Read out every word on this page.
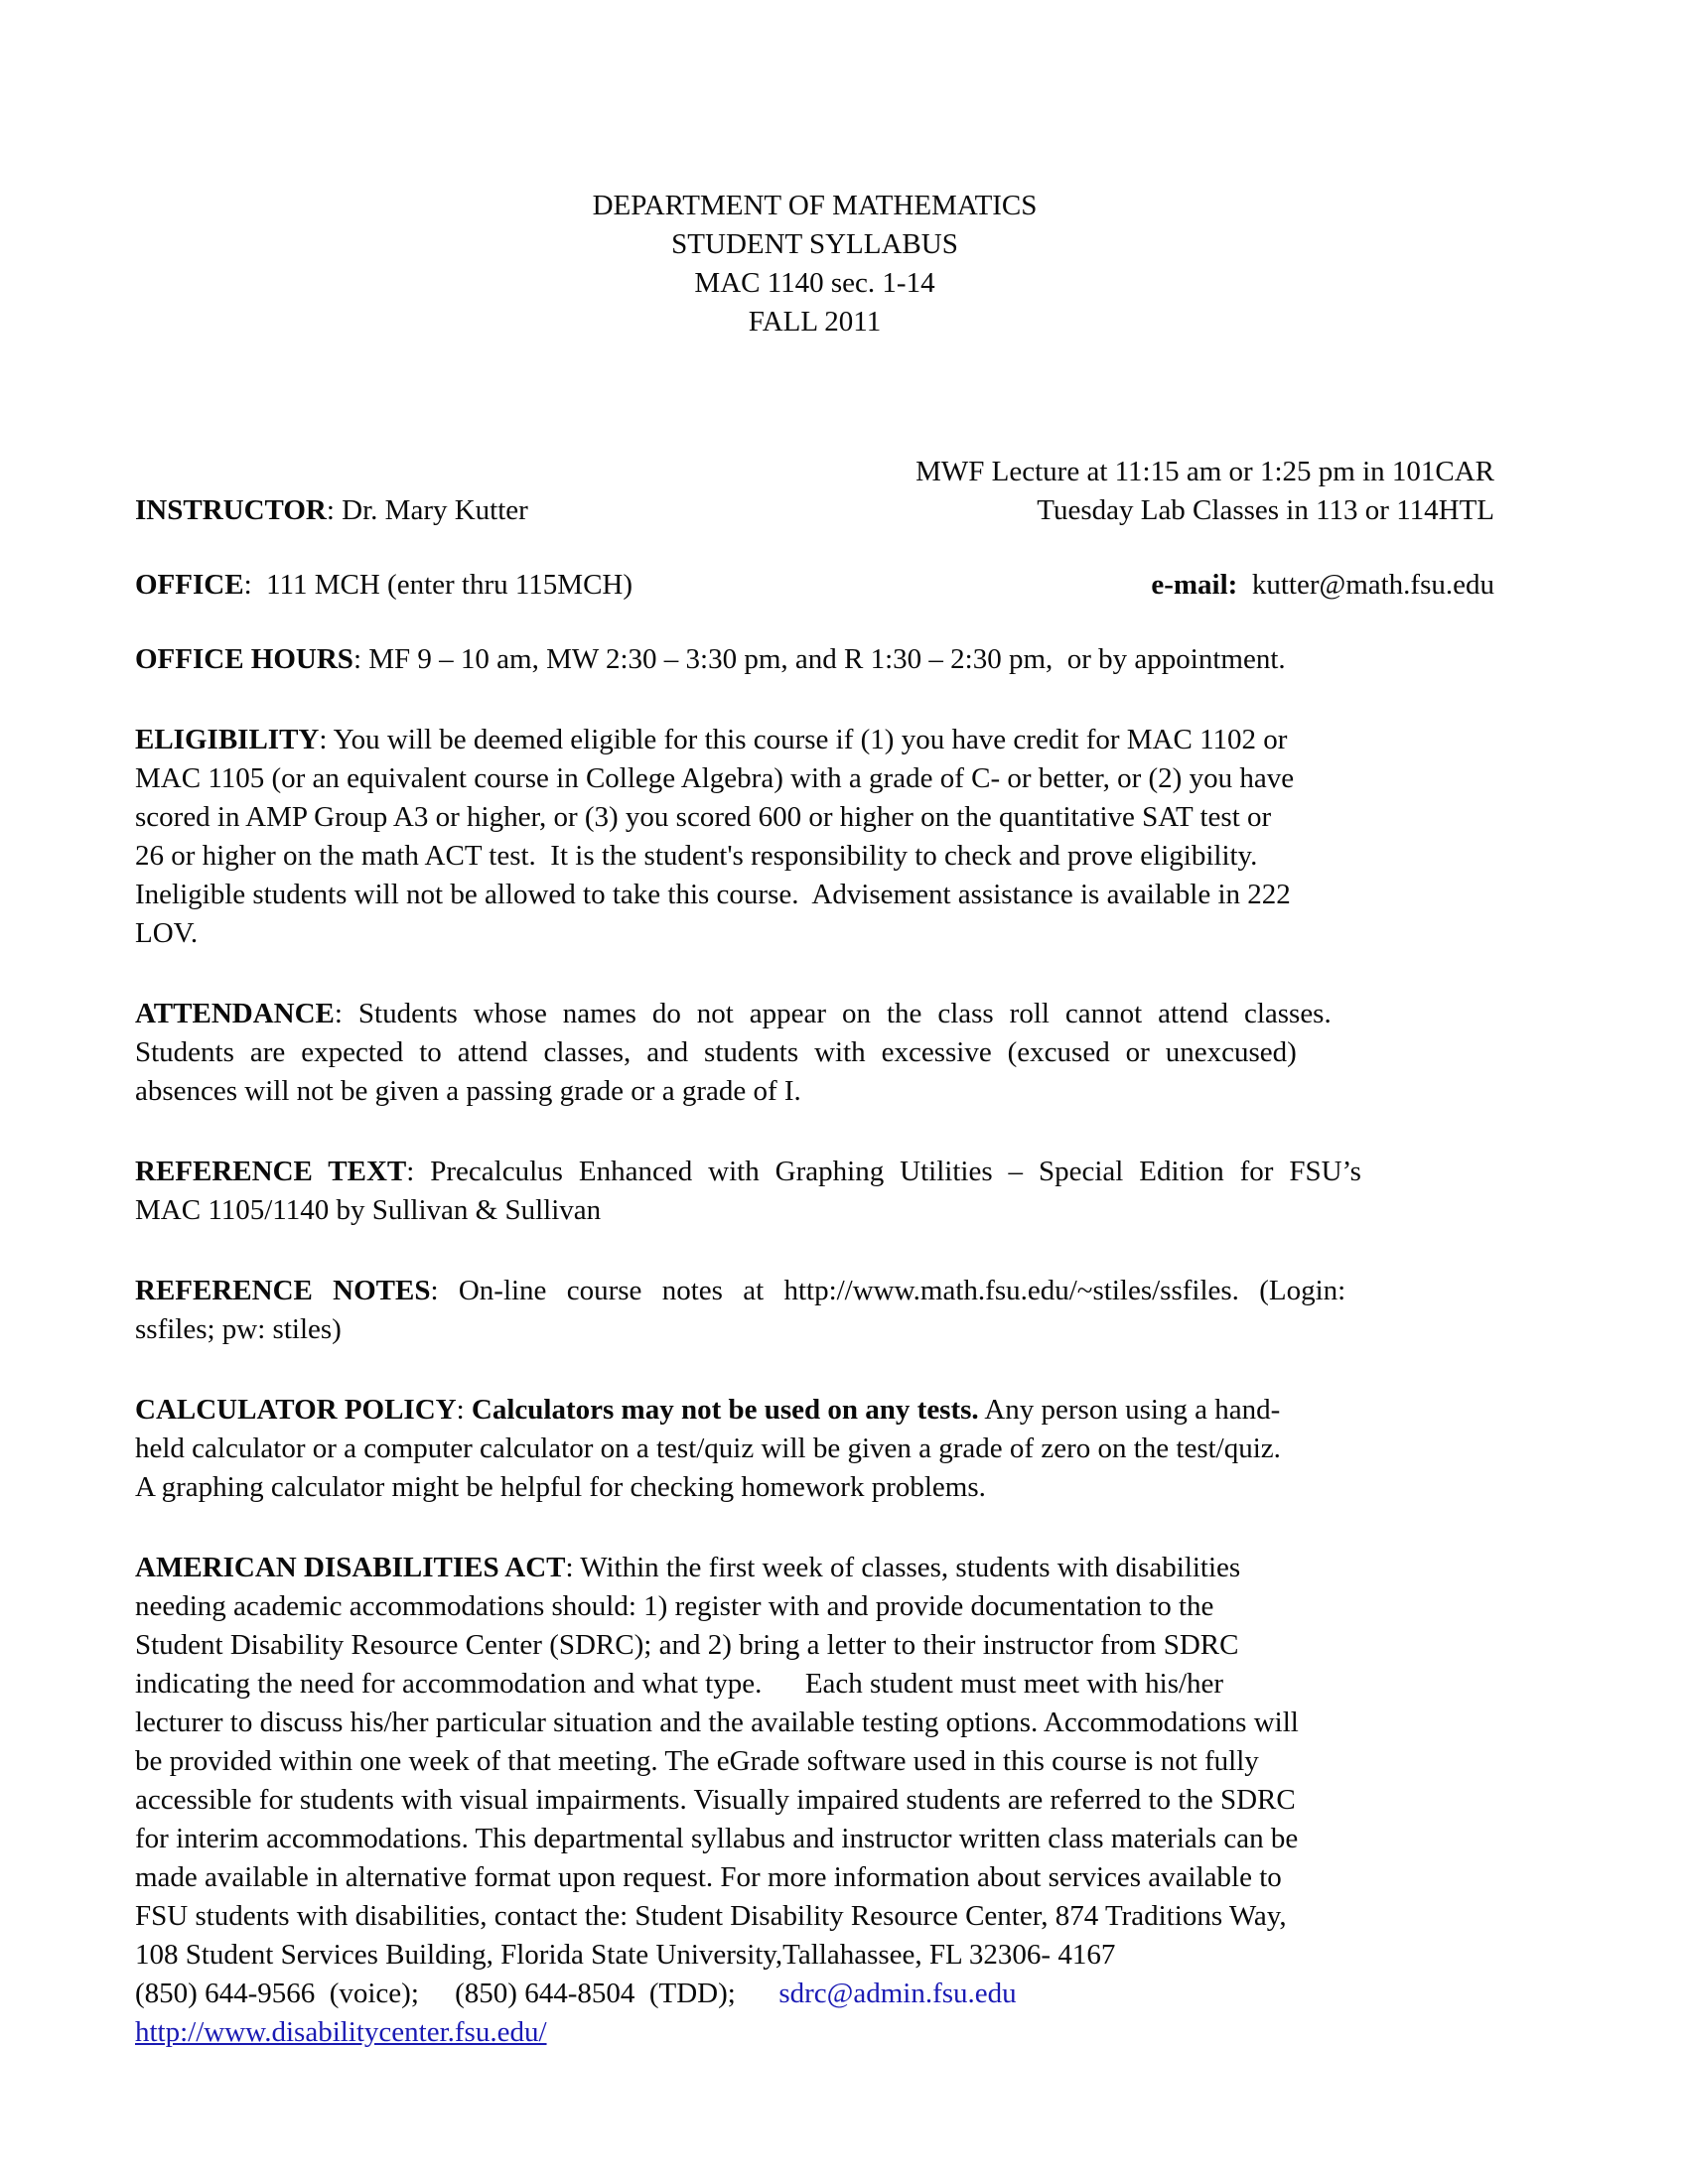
DEPARTMENT OF MATHEMATICS
STUDENT SYLLABUS
MAC 1140 sec. 1-14
FALL 2011
MWF Lecture at 11:15 am or 1:25 pm in 101CAR
INSTRUCTOR: Dr. Mary Kutter	Tuesday Lab Classes in 113 or 114HTL
OFFICE:  111 MCH (enter thru 115MCH)	e-mail:  kutter@math.fsu.edu
OFFICE HOURS: MF 9 – 10 am, MW 2:30 – 3:30 pm, and R 1:30 – 2:30 pm,  or by appointment.
ELIGIBILITY: You will be deemed eligible for this course if (1) you have credit for MAC 1102 or
MAC 1105 (or an equivalent course in College Algebra) with a grade of C- or better, or (2) you have
scored in AMP Group A3 or higher, or (3) you scored 600 or higher on the quantitative SAT test or
26 or higher on the math ACT test.  It is the student's responsibility to check and prove eligibility.
Ineligible students will not be allowed to take this course.  Advisement assistance is available in 222
LOV.
ATTENDANCE: Students whose names do not appear on the class roll cannot attend classes.
Students are expected to attend classes, and students with excessive (excused or unexcused)
absences will not be given a passing grade or a grade of I.
REFERENCE TEXT: Precalculus Enhanced with Graphing Utilities – Special Edition for FSU’s
MAC 1105/1140 by Sullivan & Sullivan
REFERENCE NOTES: On-line course notes at http://www.math.fsu.edu/~stiles/ssfiles. (Login:
ssfiles; pw: stiles)
CALCULATOR POLICY: Calculators may not be used on any tests. Any person using a hand-
held calculator or a computer calculator on a test/quiz will be given a grade of zero on the test/quiz.
A graphing calculator might be helpful for checking homework problems.
AMERICAN DISABILITIES ACT: Within the first week of classes, students with disabilities
needing academic accommodations should: 1) register with and provide documentation to the
Student Disability Resource Center (SDRC); and 2) bring a letter to their instructor from SDRC
indicating the need for accommodation and what type.      Each student must meet with his/her
lecturer to discuss his/her particular situation and the available testing options. Accommodations will
be provided within one week of that meeting. The eGrade software used in this course is not fully
accessible for students with visual impairments. Visually impaired students are referred to the SDRC
for interim accommodations. This departmental syllabus and instructor written class materials can be
made available in alternative format upon request. For more information about services available to
FSU students with disabilities, contact the: Student Disability Resource Center, 874 Traditions Way,
108 Student Services Building, Florida State University,Tallahassee, FL 32306- 4167
(850) 644-9566  (voice);     (850) 644-8504  (TDD);      sdrc@admin.fsu.edu
http://www.disabilitycenter.fsu.edu/
